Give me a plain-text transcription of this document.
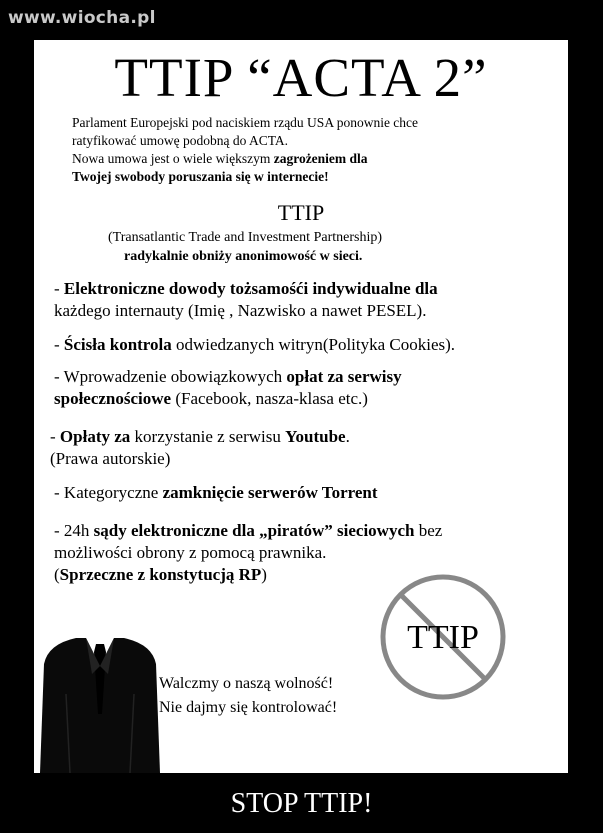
www.wiocha.pl
TTIP “ACTA 2”

Parlament Europejski pod naciskiem rządu USA ponownie chce

ratyfikować umowę podobną do ACTA.

Nowa umowa jest o wiele większym zagrożeniem dla

Twojej swobody poruszania się w internecie!

TTIP
(Transatlantic Trade and Investment Partnership)
radykalnie obniży anonimowość w sieci.
- Elektroniczne dowody tożsamośći indywidualne dla
każdego internauty (Imię , Nazwisko a nawet PESEL).
- Ścisła kontrola odwiedzanych witryn(Polityka Cookies).
- Wprowadzenie obowiązkowych opłat za serwisy
społecznościowe (Facebook, nasza-klasa etc.)
- Opłaty za korzystanie z serwisu Youtube.
(Prawa autorskie)
- Kategoryczne zamknięcie serwerów Torrent
- 24h sądy elektroniczne dla „piratów” sieciowych bez
możliwości obrony z pomocą prawnika.
(Sprzeczne z konstytucją RP)
TTIP
Walczmy o naszą wolność!
Nie dajmy się kontrolować!
STOP TTIP!
